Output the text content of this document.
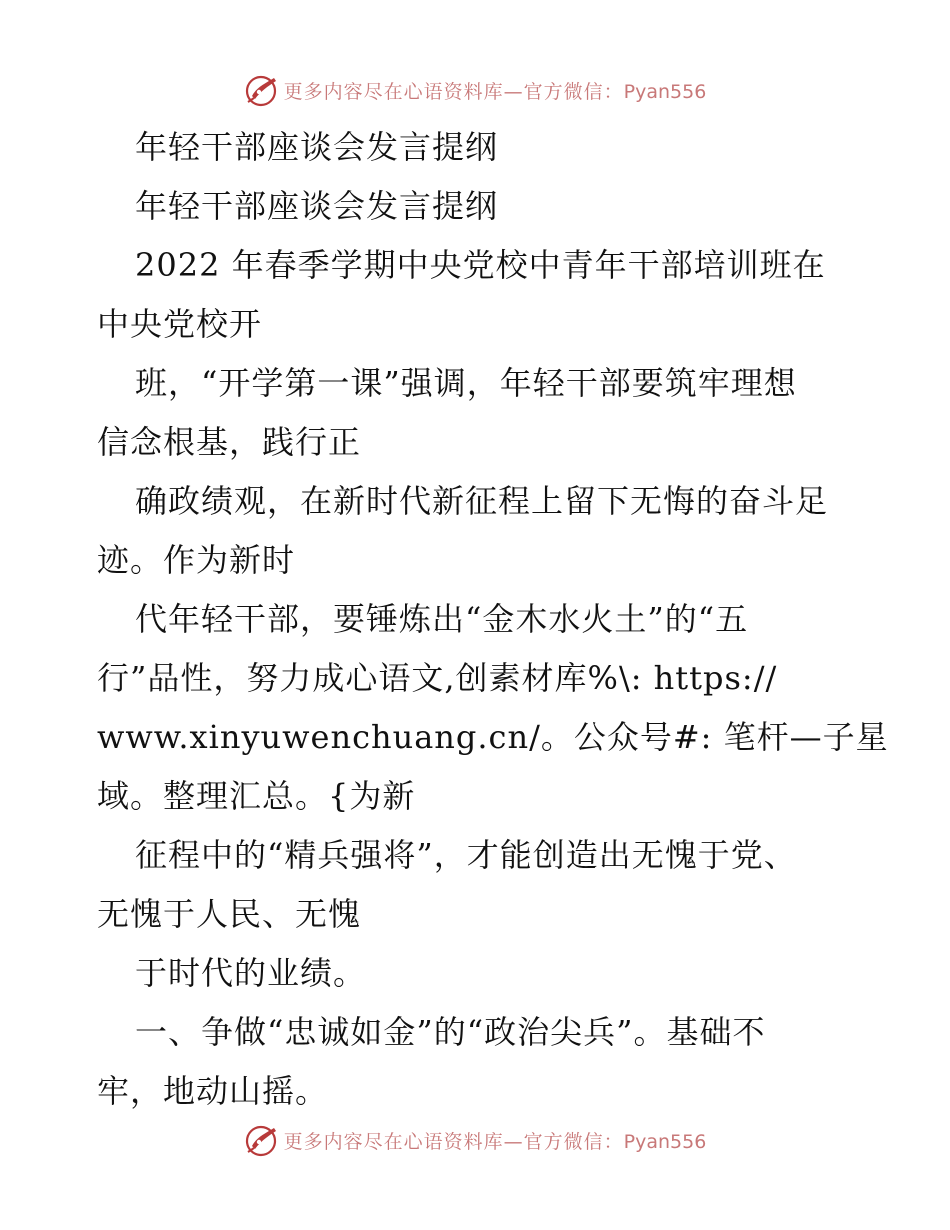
更多内容尽在心语资料库—官方微信：Pyan556
年轻干部座谈会发言提纲
年轻干部座谈会发言提纲
2022 年春季学期中央党校中青年干部培训班在
中央党校开
班，“开学第一课”强调，年轻干部要筑牢理想
信念根基，践行正
确政绩观，在新时代新征程上留下无悔的奋斗足
迹。作为新时
代年轻干部，要锤炼出“金木水火土”的“五
行”品性，努力成心语文,创素材库%\: https://
www.xinyuwenchuang.cn/。公众号#: 笔杆—子星
域。整理汇总。{为新
征程中的“精兵强将”，才能创造出无愧于党、
无愧于人民、无愧
于时代的业绩。
一、争做“忠诚如金”的“政治尖兵”。基础不
牢，地动山摇。
更多内容尽在心语资料库—官方微信：Pyan556
